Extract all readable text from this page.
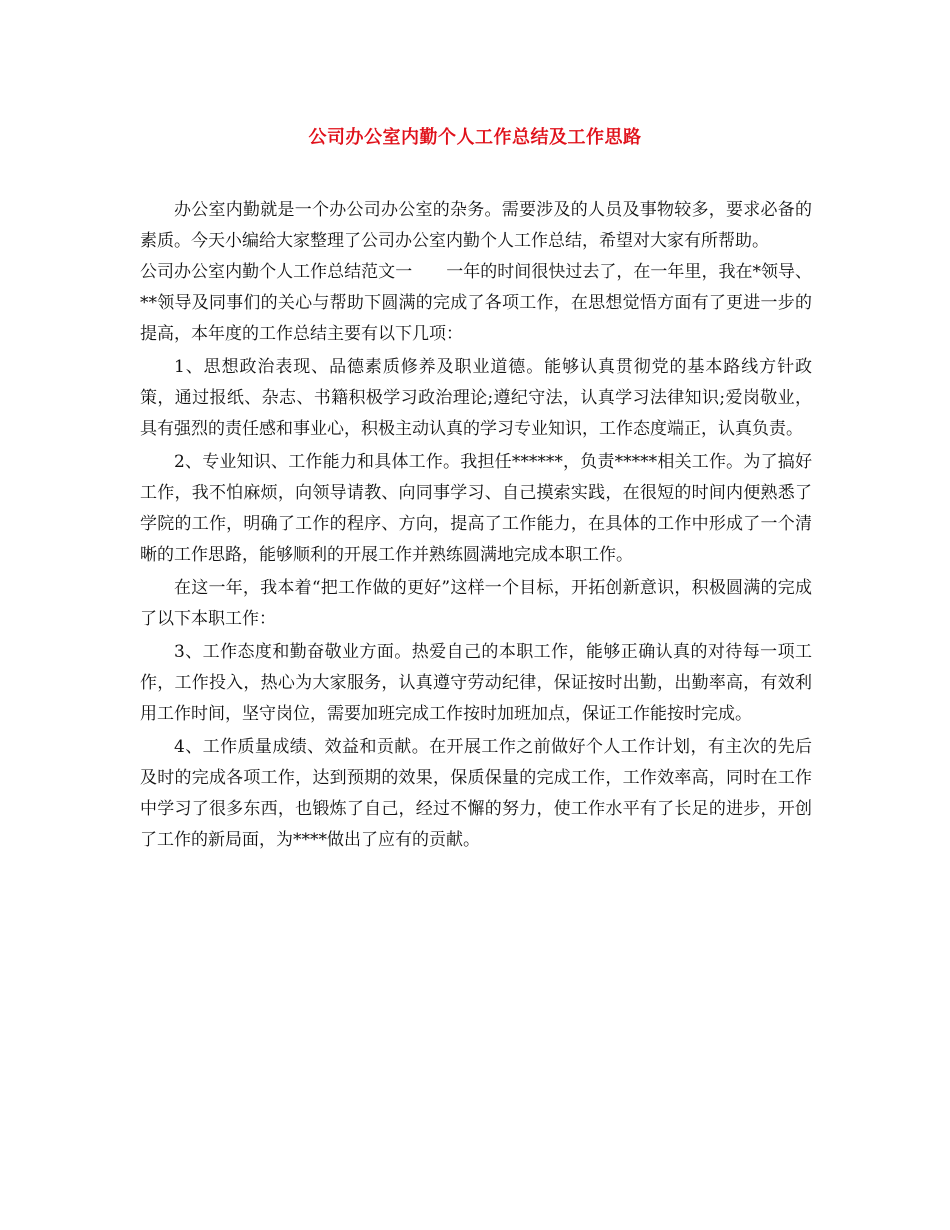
公司办公室内勤个人工作总结及工作思路

办公室内勤就是一个办公司办公室的杂务。需要涉及的人员及事物较多，要求必备的素质。今天小编给大家整理了公司办公室内勤个人工作总结，希望对大家有所帮助。

公司办公室内勤个人工作总结范文一　　 一年的时间很快过去了，在一年里，我在*领导、**领导及同事们的关心与帮助下圆满的完成了各项工作，在思想觉悟方面有了更进一步的提高，本年度的工作总结主要有以下几项：

1、思想政治表现、品德素质修养及职业道德。能够认真贯彻党的基本路线方针政策，通过报纸、杂志、书籍积极学习政治理论;遵纪守法，认真学习法律知识;爱岗敬业，具有强烈的责任感和事业心，积极主动认真的学习专业知识，工作态度端正，认真负责。

2、专业知识、工作能力和具体工作。我担任******，负责*****相关工作。为了搞好工作，我不怕麻烦，向领导请教、向同事学习、自己摸索实践，在很短的时间内便熟悉了学院的工作，明确了工作的程序、方向，提高了工作能力，在具体的工作中形成了一个清晰的工作思路，能够顺利的开展工作并熟练圆满地完成本职工作。

在这一年，我本着“把工作做的更好”这样一个目标，开拓创新意识，积极圆满的完成了以下本职工作：

3、工作态度和勤奋敬业方面。热爱自己的本职工作，能够正确认真的对待每一项工作，工作投入，热心为大家服务，认真遵守劳动纪律，保证按时出勤，出勤率高，有效利用工作时间，坚守岗位，需要加班完成工作按时加班加点，保证工作能按时完成。

4、工作质量成绩、效益和贡献。在开展工作之前做好个人工作计划，有主次的先后及时的完成各项工作，达到预期的效果，保质保量的完成工作，工作效率高，同时在工作中学习了很多东西，也锻炼了自己，经过不懈的努力，使工作水平有了长足的进步，开创了工作的新局面，为****做出了应有的贡献。
